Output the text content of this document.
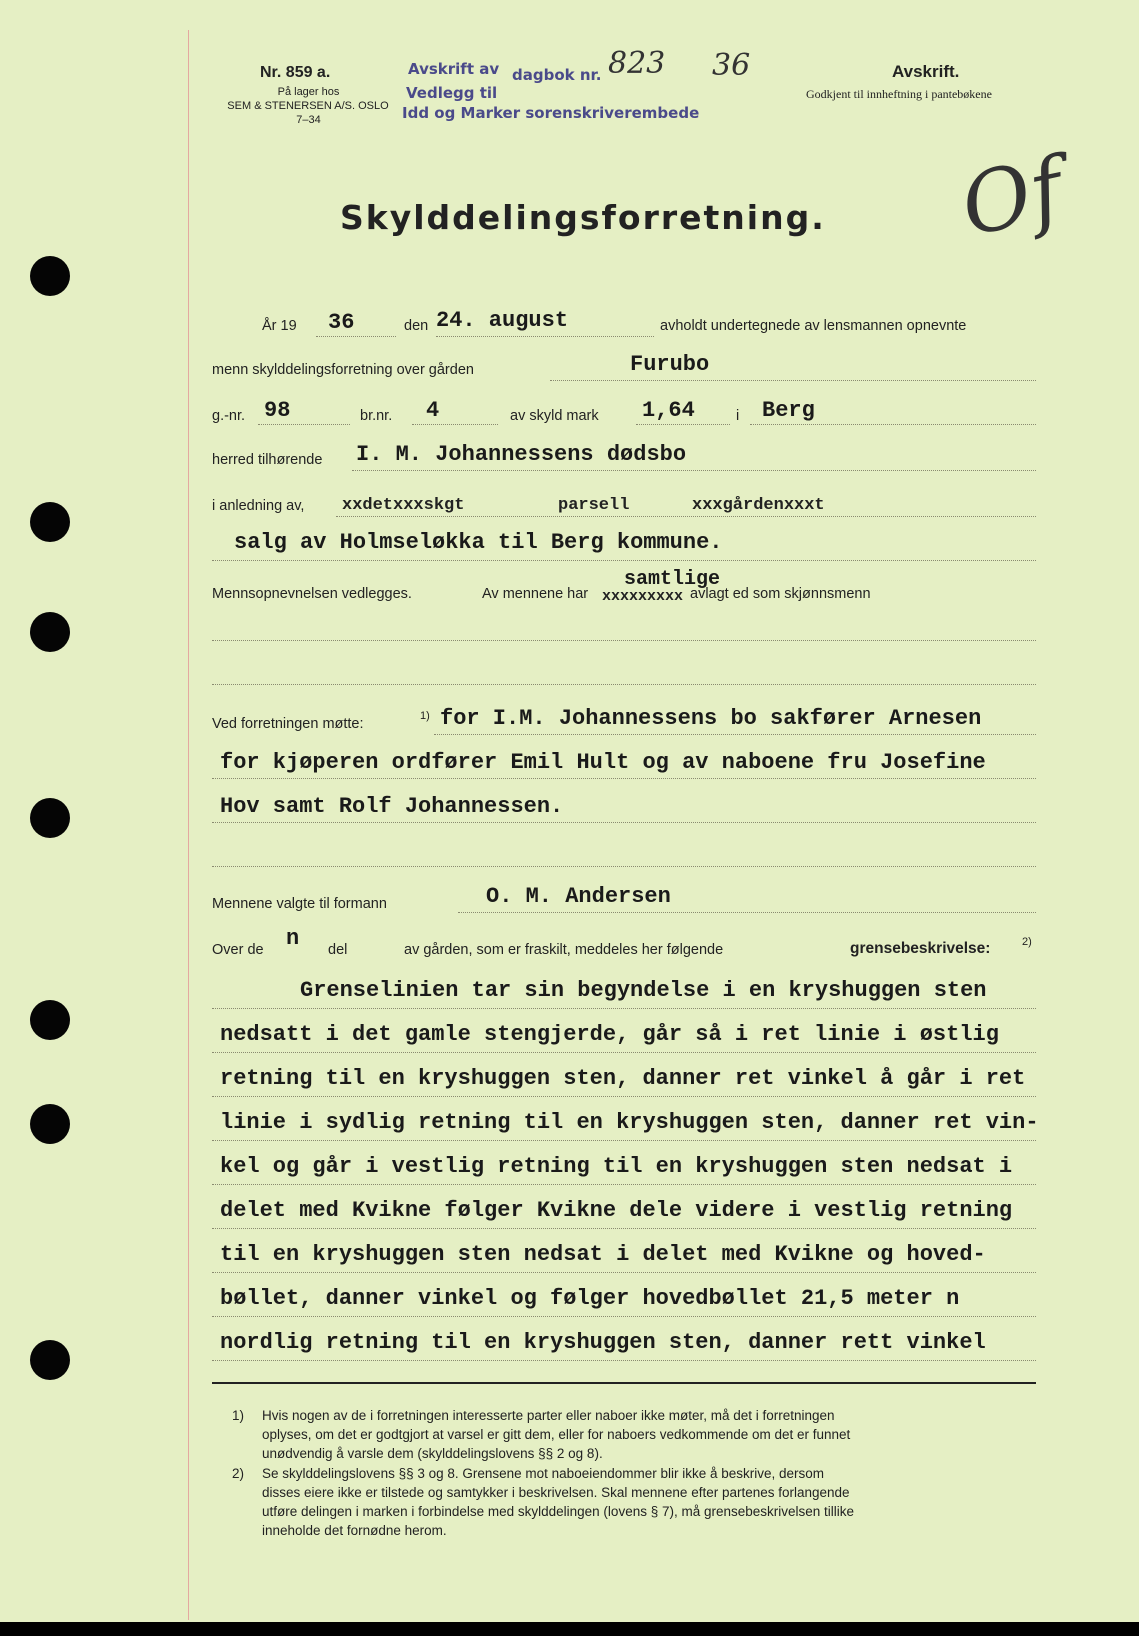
Nr. 859 a.
På lager hos
SEM & STENERSEN A/S. OSLO
7–34
Avskrift av dagbok nr. 823 36
Vedlegg til
Idd og Marker sorenskriverembede
Avskrift.
Godkjent til innheftning i pantebøkene
Of
Skylddelingsforretning.
År 19 36	den 24. august	avholdt undertegnede av lensmannen opnevnte
menn skylddelingsforretning over gården	Furubo
g.-nr. 98	br.nr. 4	av skyld mark 1,64	i Berg
herred tilhørende I. M. Johannessens dødsbo
i anledning av, xxdetxxxskgt	parsell	xxxgårdenxxxt
salg av Holmseløkka til Berg kommune.
Mennsopnevnelsen vedlegges.	Av mennene har xxxxxxxxx
samtlige
avlagt ed som skjønnsmenn
Ved forretningen møtte:	1) for I.M. Johannessens bo sakfører Arnesen
for kjøperen ordfører Emil Hult og av naboene fru Josefine
Hov samt Rolf Johannessen.
Mennene valgte til formann	O. M. Andersen
Over de n del	av gården, som er fraskilt, meddeles her følgende	grensebeskrivelse:	2)
Grenselinien tar sin begyndelse i en kryshuggen sten
nedsatt i det gamle stengjerde, går så i ret linie i østlig
retning til en kryshuggen sten, danner ret vinkel å går i ret
linie i sydlig retning til en kryshuggen sten, danner ret vin-
kel og går i vestlig retning til en kryshuggen sten nedsat i
delet med Kvikne følger Kvikne dele videre i vestlig retning
til en kryshuggen sten nedsat i delet med Kvikne og hoved-
bøllet, danner vinkel og følger hovedbøllet 21,5 meter n
nordlig retning til en kryshuggen sten, danner rett vinkel
1) Hvis nogen av de i forretningen interesserte parter eller naboer ikke møter, må det i forretningen
oplyses, om det er godtgjort at varsel er gitt dem, eller for naboers vedkommende om det er funnet
unødvendig å varsle dem (skylddelingslovens §§ 2 og 8).
2) Se skylddelingslovens §§ 3 og 8. Grensene mot naboeiendommer blir ikke å beskrive, dersom
disses eiere ikke er tilstede og samtykker i beskrivelsen. Skal mennene efter partenes forlangende
utføre delingen i marken i forbindelse med skylddelingen (lovens § 7), må grensebeskrivelsen tillike
inneholde det fornødne herom.
